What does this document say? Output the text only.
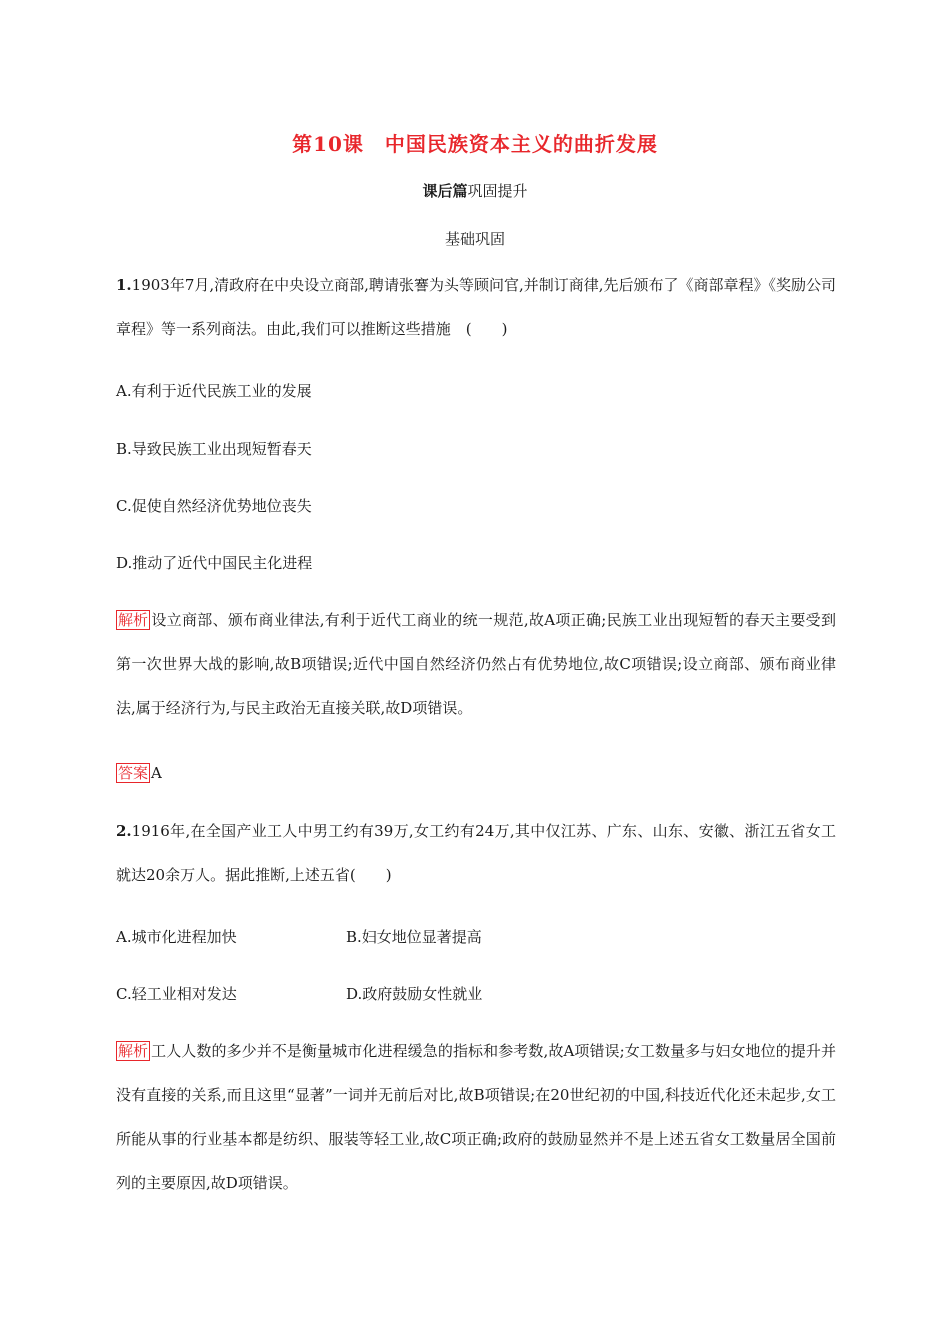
第10课　中国民族资本主义的曲折发展
课后篇巩固提升
基础巩固
1.1903年7月,清政府在中央设立商部,聘请张謇为头等顾问官,并制订商律,先后颁布了《商部章程》《奖励公司章程》等一系列商法。由此,我们可以推断这些措施　(　　)
A.有利于近代民族工业的发展
B.导致民族工业出现短暂春天
C.促使自然经济优势地位丧失
D.推动了近代中国民主化进程
解析 设立商部、颁布商业律法,有利于近代工商业的统一规范,故A项正确;民族工业出现短暂的春天主要受到第一次世界大战的影响,故B项错误;近代中国自然经济仍然占有优势地位,故C项错误;设立商部、颁布商业律法,属于经济行为,与民主政治无直接关联,故D项错误。
答案 A
2.1916年,在全国产业工人中男工约有39万,女工约有24万,其中仅江苏、广东、山东、安徽、浙江五省女工就达20余万人。据此推断,上述五省(　　)
A.城市化进程加快	B.妇女地位显著提高
C.轻工业相对发达	D.政府鼓励女性就业
解析 工人人数的多少并不是衡量城市化进程缓急的指标和参考数,故A项错误;女工数量多与妇女地位的提升并没有直接的关系,而且这里“显著”一词并无前后对比,故B项错误;在20世纪初的中国,科技近代化还未起步,女工所能从事的行业基本都是纺织、服装等轻工业,故C项正确;政府的鼓励显然并不是上述五省女工数量居全国前列的主要原因,故D项错误。
